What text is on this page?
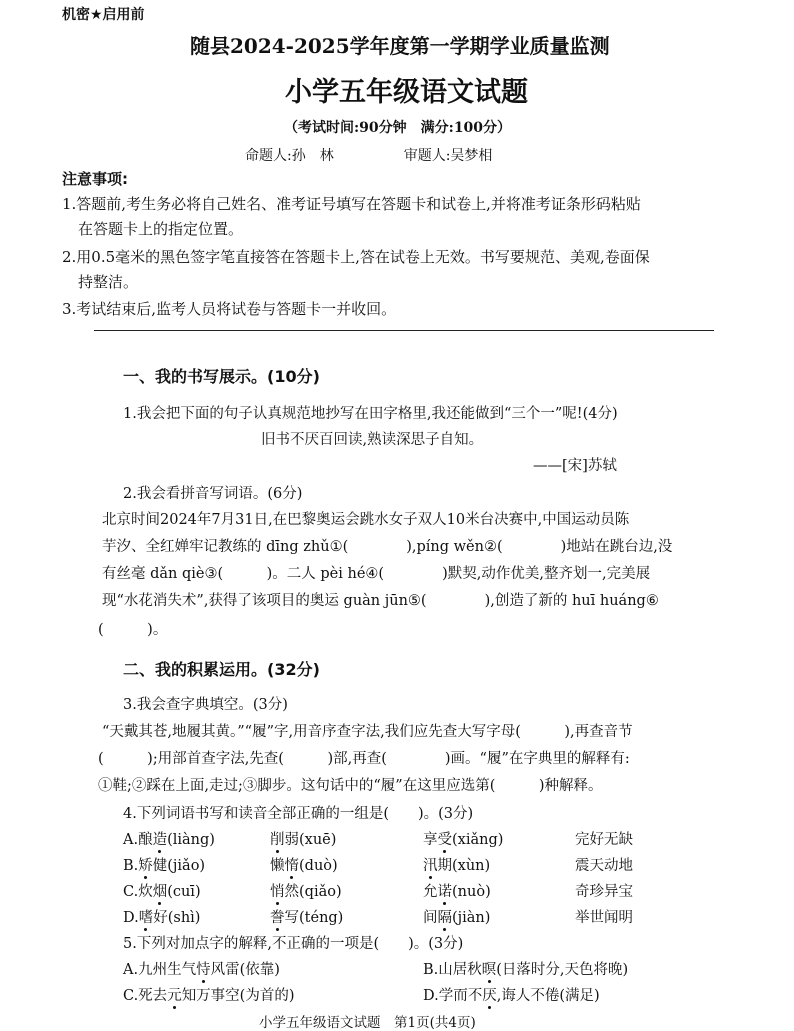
机密★启用前
随县2024-2025学年度第一学期学业质量监测
小学五年级语文试题
（考试时间:90分钟　满分:100分）
命题人:孙　林　　　　　审题人:吴梦相
注意事项:
1.答题前,考生务必将自己姓名、准考证号填写在答题卡和试卷上,并将准考证条形码粘贴
在答题卡上的指定位置。
2.用0.5毫米的黑色签字笔直接答在答题卡上,答在试卷上无效。书写要规范、美观,卷面保
持整洁。
3.考试结束后,监考人员将试卷与答题卡一并收回。
一、我的书写展示。(10分)
1.我会把下面的句子认真规范地抄写在田字格里,我还能做到“三个一”呢!(4分)
旧书不厌百回读,熟读深思子自知。
——[宋]苏轼
2.我会看拼音写词语。(6分)
北京时间2024年7月31日,在巴黎奥运会跳水女子双人10米台决赛中,中国运动员陈
芋汐、全红婵牢记教练的 dīng zhǔ①(　　　　),píng wěn②(　　　　)地站在跳台边,没
有丝毫 dǎn qiè③(　　　)。二人 pèi hé④(　　　　)默契,动作优美,整齐划一,完美展
现“水花消失术”,获得了该项目的奥运 guàn jūn⑤(　　　　),创造了新的 huī huáng⑥
(　　　)。
二、我的积累运用。(32分)
3.我会查字典填空。(3分)
“天戴其苍,地履其黄。”“履”字,用音序查字法,我们应先查大写字母(　　　),再查音节
(　　　);用部首查字法,先查(　　　)部,再查(　　　　)画。“履”在字典里的解释有:
①鞋;②踩在上面,走过;③脚步。这句话中的“履”在这里应选第(　　　)种解释。
4.下列词语书写和读音全部正确的一组是(　　)。(3分)
A.酿造(liàng)	削弱(xuē)	享受(xiǎng)	完好无缺
B.矫健(jiǎo)	懒惰(duò)	汛期(xùn)	震天动地
C.炊烟(cuī)	悄然(qiǎo)	允诺(nuò)	奇珍异宝
D.嗜好(shì)	誊写(téng)	间隔(jiàn)	举世闻明
5.下列对加点字的解释,不正确的一项是(　　)。(3分)
A.九州生气恃风雷(依靠)	B.山居秋暝(日落时分,天色将晚)
C.死去元知万事空(为首的)	D.学而不厌,诲人不倦(满足)
小学五年级语文试题　第1页(共4页)
